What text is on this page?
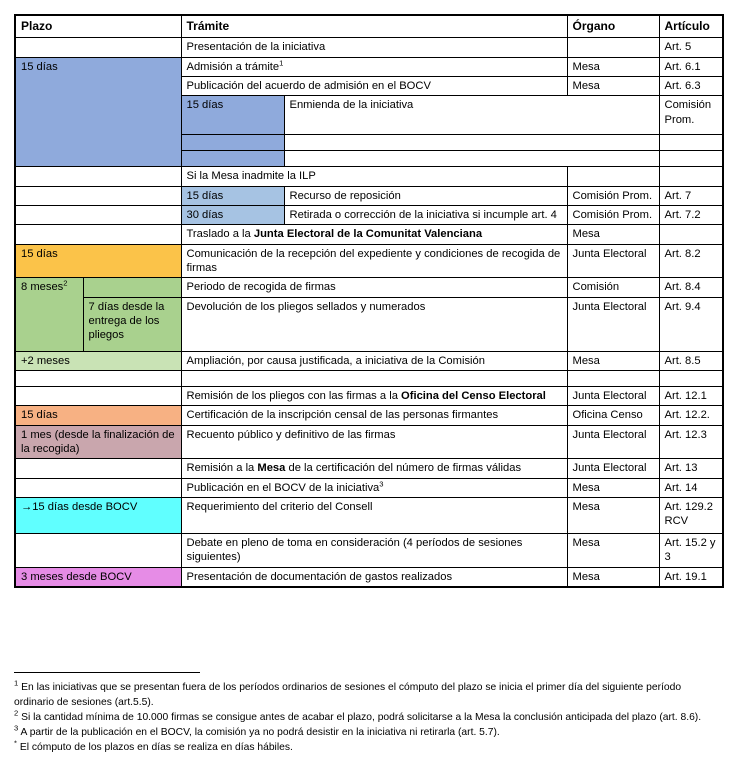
Plazo		Trámite		Órgano	Artículo	
		Presentación de la iniciativa			Art. 5	
15 días		Admisión a trámite$^1$		Mesa	Art. 6.1	
		Publicación del acuerdo de admisión en el BOCV		Mesa	Art. 6.3	
		15 días	Enmienda de la iniciativa		Comisión Prom.	

		Si la Mesa inadmite la ILP				
		15 días	Recurso de reposición	Comisión Prom.	Art. 7	
		30 días	Retirada o corrección de la iniciativa si incumple art. 4	Comisión Prom.	Art. 7.2	
		Traslado a la Junta Electoral de la Comunitat Valenciana		Mesa		
15 días		Comunicación de la recepción del expediente y condiciones de recogida de firmas		Junta Electoral	Art. 8.2	
8 meses$^2$		Periodo de recogida de firmas		Comisión	Art. 8.4	
	7 días desde la entrega de los pliegos	Devolución de los pliegos sellados y numerados		Junta Electoral	Art. 9.4	
+2 meses		Ampliación, por causa justificada, a iniciativa de la Comisión		Mesa	Art. 8.5	

		Remisión de los pliegos con las firmas a la Oficina del Censo Electoral		Junta Electoral	Art. 12.1	
15 días		Certificación de la inscripción censal de las personas firmantes		Oficina Censo	Art. 12.2.	
1 mes (desde la finalización de la recogida)		Recuento público y definitivo de las firmas		Junta Electoral	Art. 12.3	
		Remisión a la Mesa de la certificación del número de firmas válidas		Junta Electoral	Art. 13	
		Publicación en el BOCV de la iniciativa$^3$		Mesa	Art. 14	
→15 días desde BOCV		Requerimiento del criterio del Consell		Mesa	Art. 129.2 RCV	
		Debate en pleno de toma en consideración (4 períodos de sesiones siguientes)		Mesa	Art. 15.2 y 3	
3 meses desde BOCV		Presentación de documentación de gastos realizados		Mesa	Art. 19.1	

$^1$ En las iniciativas que se presentan fuera de los períodos ordinarios de sesiones el cómputo del plazo se inicia el primer día del siguiente período ordinario de sesiones (art.5.5).

$^2$ Si la cantidad mínima de 10.000 firmas se consigue antes de acabar el plazo, podrá solicitarse a la Mesa la conclusión anticipada del plazo (art. 8.6).

$^3$ A partir de la publicación en el BOCV, la comisión ya no podrá desistir en la iniciativa ni retirarla (art. 5.7).

* El cómputo de los plazos en días se realiza en días hábiles.
